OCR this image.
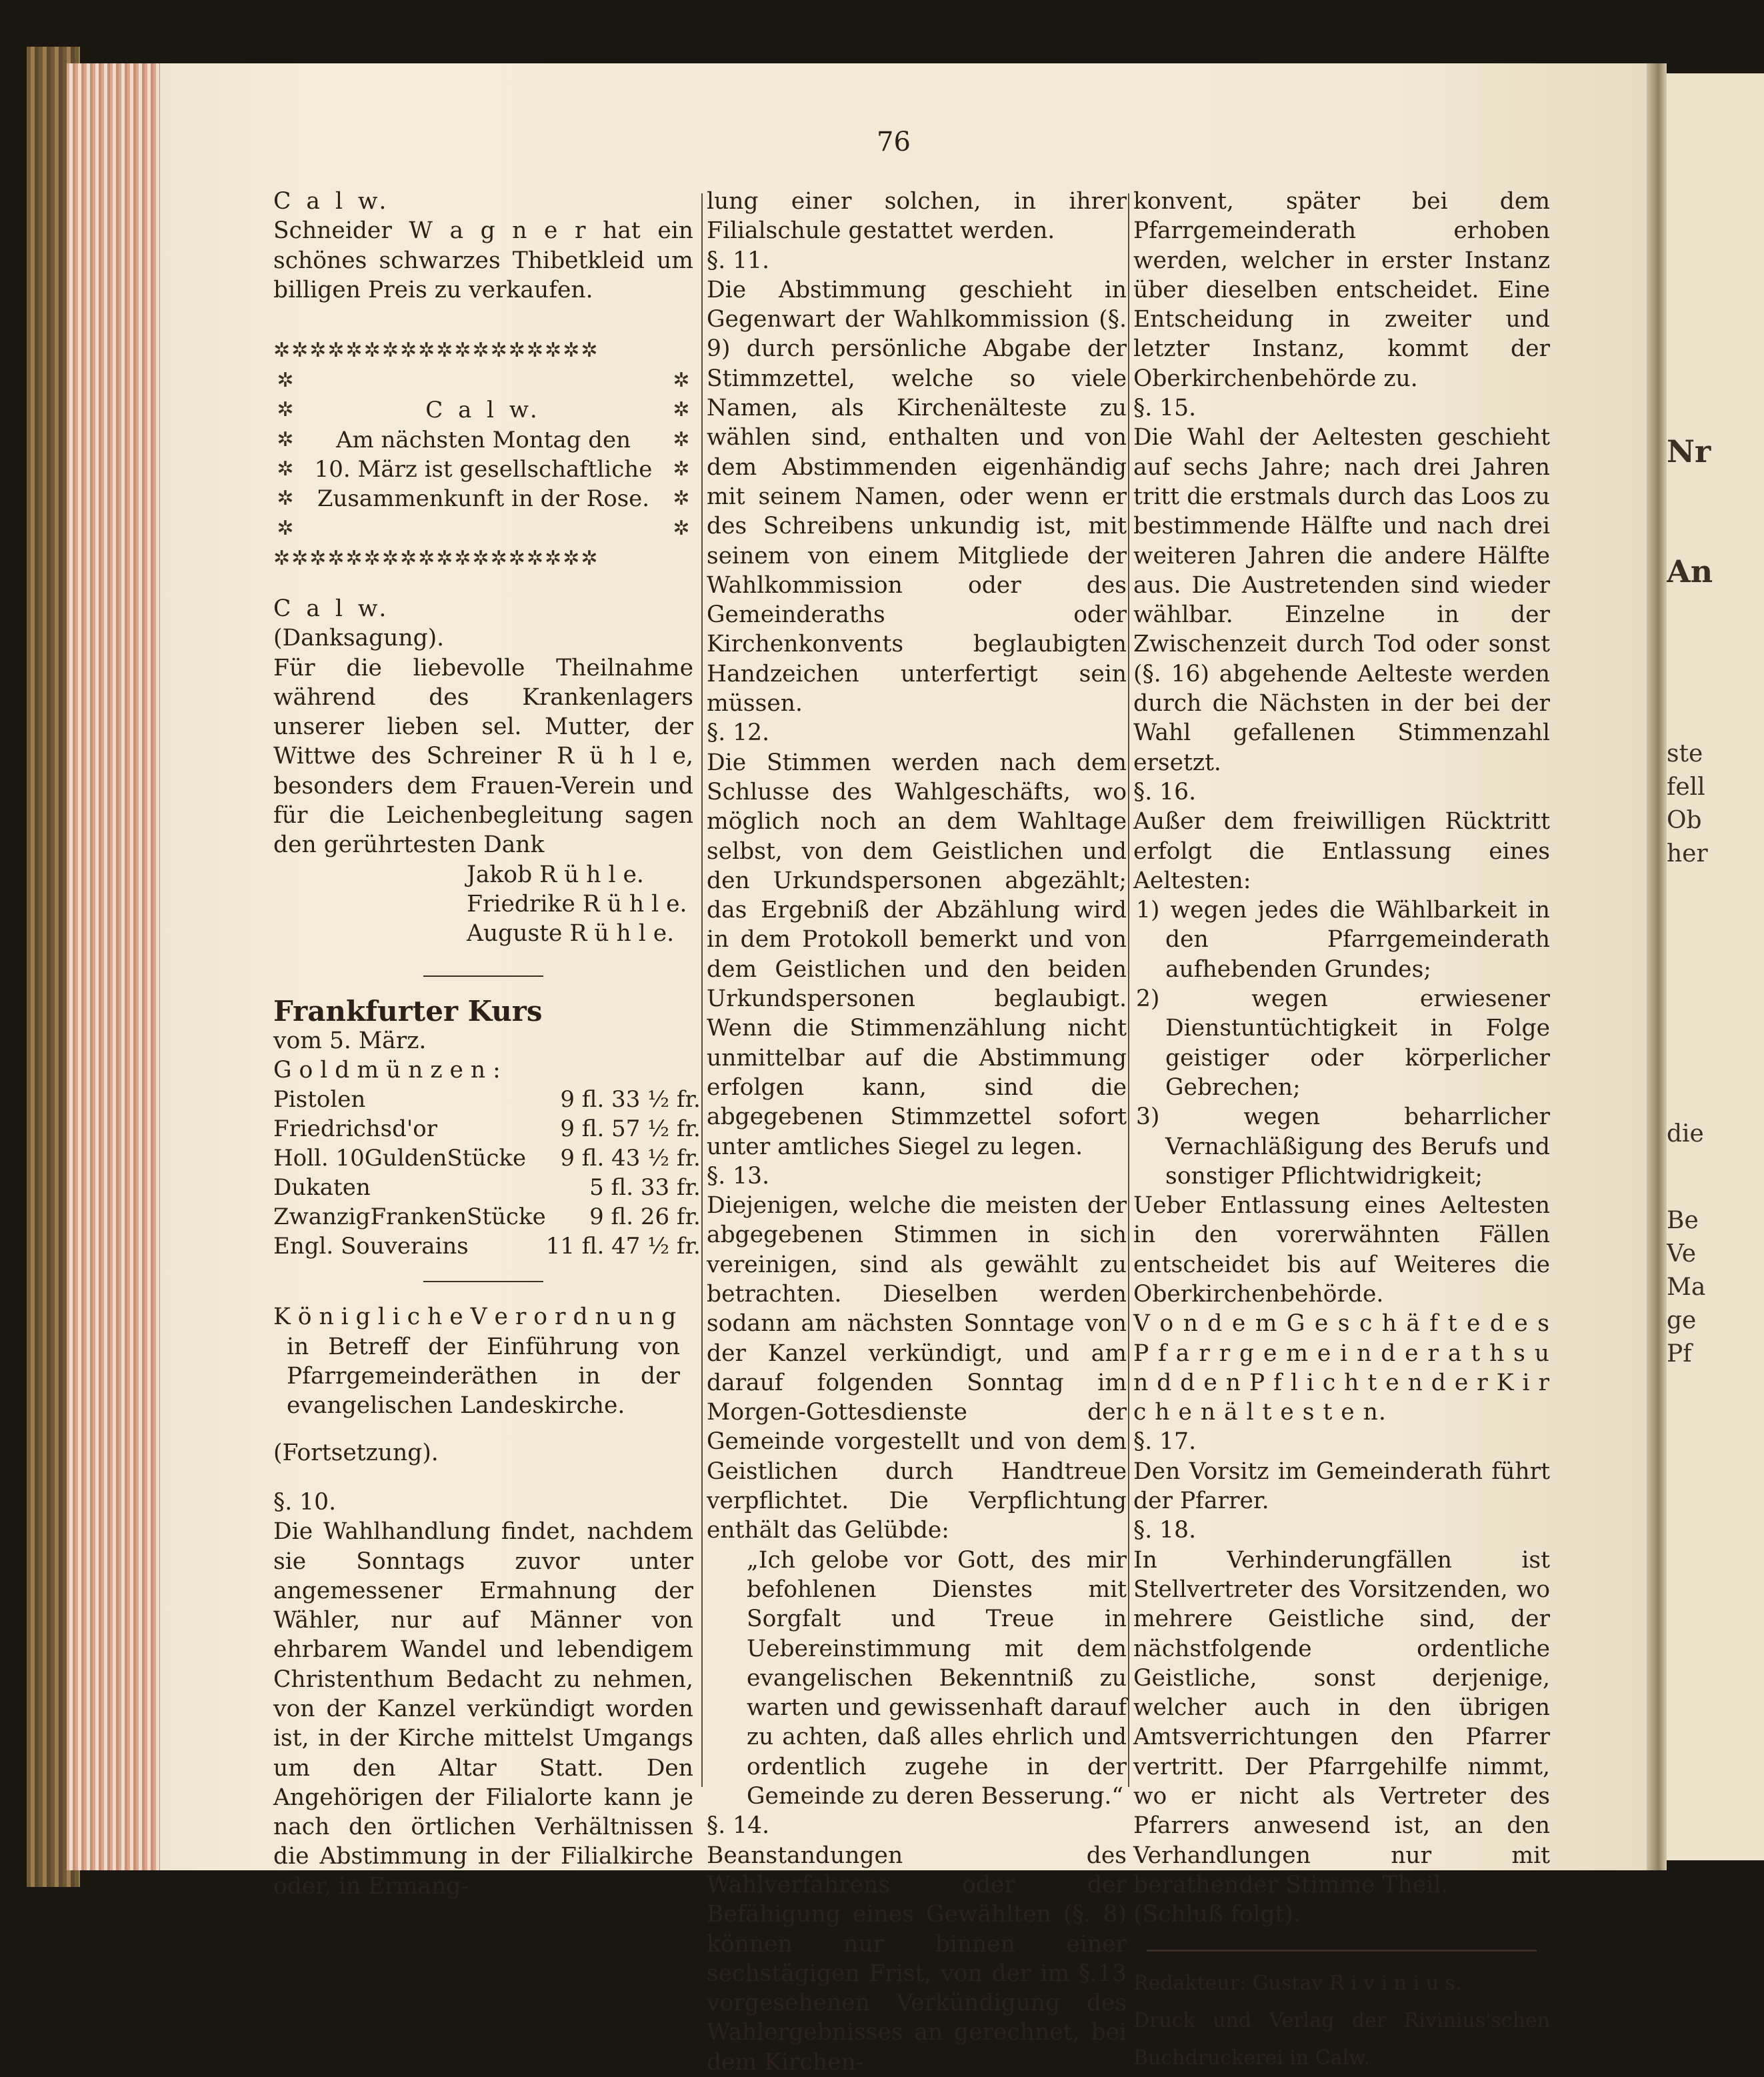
Nr
An
ste
fell
Ob
her
die
Be
Ve
Ma
ge
Pf
76

C a l w.

Schneider W a g n e r hat ein schönes schwarzes Thibetkleid um billigen Preis zu verkaufen.

✲✲✲✲✲✲✲✲✲✲✲✲✲✲✲✲✲✲
✲	✲
✲	C a l w.	✲
✲	Am nächsten Montag den	✲
✲ 10. März ist gesellschaftliche	✲
✲	Zusammenkunft in der Rose.	✲
✲	✲
✲✲✲✲✲✲✲✲✲✲✲✲✲✲✲✲✲✲

C a l w.

(Danksagung).

Für die liebevolle Theilnahme während des Krankenlagers unserer lieben sel. Mutter, der Wittwe des Schreiner R ü h l e, besonders dem Frauen-Verein und für die Leichenbegleitung sagen den gerührtesten Dank

Jakob R ü h l e.

Friedrike R ü h l e.

Auguste R ü h l e.

Frankfurter Kurs

vom 5. März.

G o l d m ü n z e n :

Pistolen	9 fl. 33 ½ fr.
Friedrichsd'or	9 fl. 57 ½ fr.
Holl. 10GuldenStücke	9 fl. 43 ½ fr.
Dukaten	5 fl. 33 fr.
ZwanzigFrankenStücke	9 fl. 26 fr.
Engl. Souverains	11 fl. 47 ½ fr.

K ö n i g l i c h e V e r o r d n u n g

in Betreff der Einführung von Pfarrgemeinderäthen in der evangelischen Landeskirche.

(Fortsetzung).

§. 10.

Die Wahlhandlung findet, nachdem sie Sonntags zuvor unter angemessener Ermahnung der Wähler, nur auf Männer von ehrbarem Wandel und lebendigem Christenthum Bedacht zu nehmen, von der Kanzel verkündigt worden ist, in der Kirche mittelst Umgangs um den Altar Statt. Den Angehörigen der Filialorte kann je nach den örtlichen Verhältnissen die Abstimmung in der Filialkirche oder, in Ermang-

lung einer solchen, in ihrer Filialschule gestattet werden.

§. 11.

Die Abstimmung geschieht in Gegenwart der Wahlkommission (§. 9) durch persönliche Abgabe der Stimmzettel, welche so viele Namen, als Kirchenälteste zu wählen sind, enthalten und von dem Abstimmenden eigenhändig mit seinem Namen, oder wenn er des Schreibens unkundig ist, mit seinem von einem Mitgliede der Wahlkommission oder des Gemeinderaths oder Kirchenkonvents beglaubigten Handzeichen unterfertigt sein müssen.

§. 12.

Die Stimmen werden nach dem Schlusse des Wahlgeschäfts, wo möglich noch an dem Wahltage selbst, von dem Geistlichen und den Urkundspersonen abgezählt; das Ergebniß der Abzählung wird in dem Protokoll bemerkt und von dem Geistlichen und den beiden Urkundspersonen beglaubigt. Wenn die Stimmenzählung nicht unmittelbar auf die Abstimmung erfolgen kann, sind die abgegebenen Stimmzettel sofort unter amtliches Siegel zu legen.

§. 13.

Diejenigen, welche die meisten der abgegebenen Stimmen in sich vereinigen, sind als gewählt zu betrachten. Dieselben werden sodann am nächsten Sonntage von der Kanzel verkündigt, und am darauf folgenden Sonntag im Morgen-Gottesdienste der Gemeinde vorgestellt und von dem Geistlichen durch Handtreue verpflichtet. Die Verpflichtung enthält das Gelübde:

„Ich gelobe vor Gott, des mir befohlenen Dienstes mit Sorgfalt und Treue in Uebereinstimmung mit dem evangelischen Bekenntniß zu warten und gewissenhaft darauf zu achten, daß alles ehrlich und ordentlich zugehe in der Gemeinde zu deren Besserung.“

§. 14.

Beanstandungen des Wahlverfahrens oder der Befähigung eines Gewählten (§. 8) können nur binnen einer sechstägigen Frist, von der im §.13 vorgesehenen Verkündigung des Wahlergebnisses an gerechnet, bei dem Kirchen-

konvent, später bei dem Pfarrgemeinderath erhoben werden, welcher in erster Instanz über dieselben entscheidet. Eine Entscheidung in zweiter und letzter Instanz, kommt der Oberkirchenbehörde zu.

§. 15.

Die Wahl der Aeltesten geschieht auf sechs Jahre; nach drei Jahren tritt die erstmals durch das Loos zu bestimmende Hälfte und nach drei weiteren Jahren die andere Hälfte aus. Die Austretenden sind wieder wählbar. Einzelne in der Zwischenzeit durch Tod oder sonst (§. 16) abgehende Aelteste werden durch die Nächsten in der bei der Wahl gefallenen Stimmenzahl ersetzt.

§. 16.

Außer dem freiwilligen Rücktritt erfolgt die Entlassung eines Aeltesten:

1) wegen jedes die Wählbarkeit in den Pfarrgemeinderath aufhebenden Grundes;

2) wegen erwiesener Dienstuntüchtigkeit in Folge geistiger oder körperlicher Gebrechen;

3) wegen beharrlicher Vernachläßigung des Berufs und sonstiger Pflichtwidrigkeit;

Ueber Entlassung eines Aeltesten in den vorerwähnten Fällen entscheidet bis auf Weiteres die Oberkirchenbehörde.

V o n d e m G e s c h ä f t e d e s P f a r r g e m e i n d e r a t h s u n d d e n P f l i c h t e n d e r K i r c h e n ä l t e s t e n.

§. 17.

Den Vorsitz im Gemeinderath führt der Pfarrer.

§. 18.

In Verhinderungfällen ist Stellvertreter des Vorsitzenden, wo mehrere Geistliche sind, der nächstfolgende ordentliche Geistliche, sonst derjenige, welcher auch in den übrigen Amtsverrichtungen den Pfarrer vertritt. Der Pfarrgehilfe nimmt, wo er nicht als Vertreter des Pfarrers anwesend ist, an den Verhandlungen nur mit berathender Stimme Theil.

(Schluß folgt).

Redakteur: Gustav R i v i n i u s.

Druck und Verlag der Rivinius'schen Buchdruckerei in Calw.
